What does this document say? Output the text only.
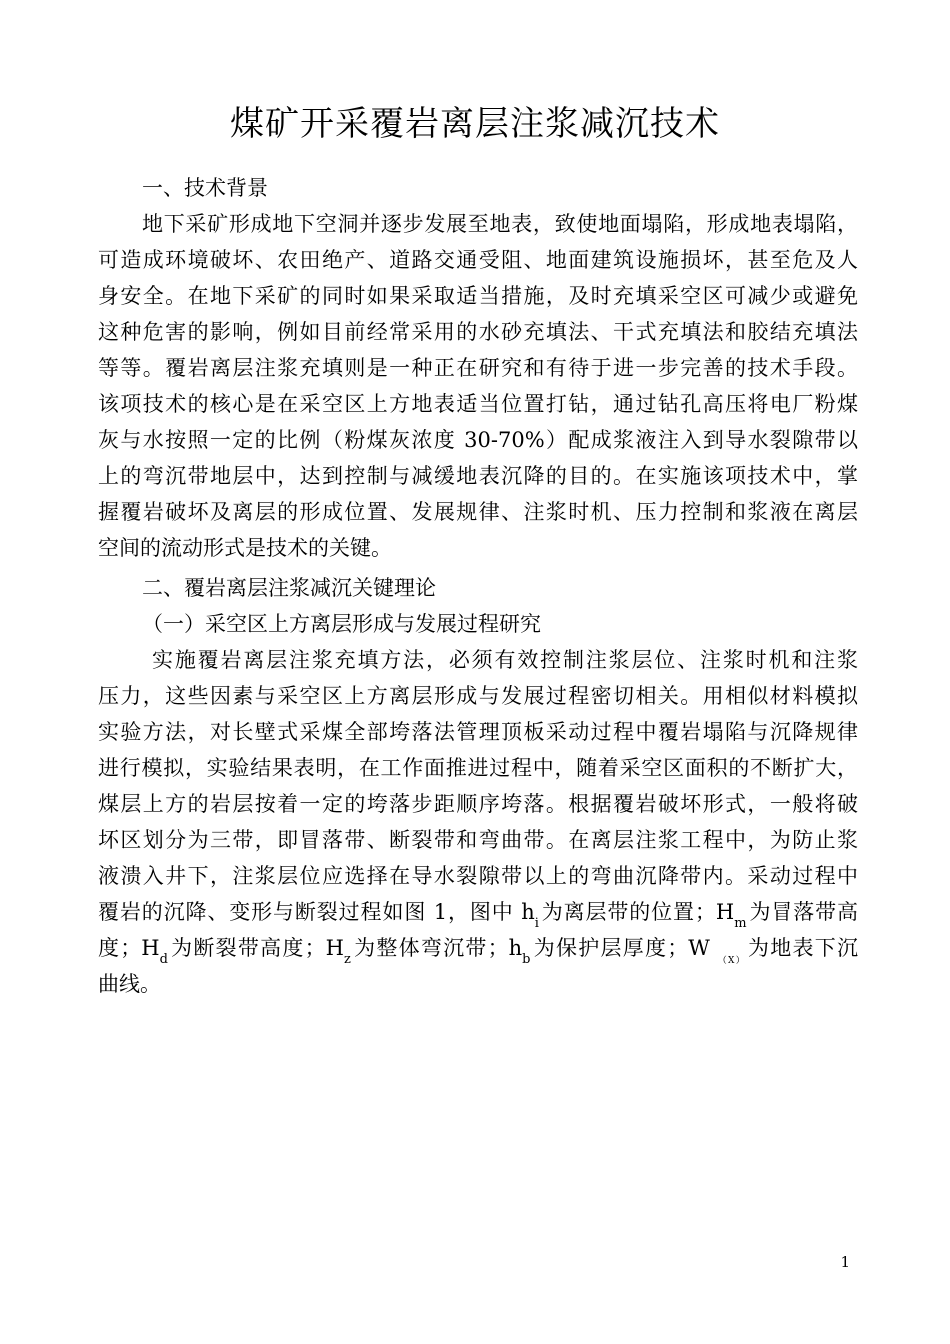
煤矿开采覆岩离层注浆减沉技术
一、技术背景
地下采矿形成地下空洞并逐步发展至地表，致使地面塌陷，形成地表塌陷，
可造成环境破坏、农田绝产、道路交通受阻、地面建筑设施损坏，甚至危及人
身安全。在地下采矿的同时如果采取适当措施，及时充填采空区可减少或避免
这种危害的影响，例如目前经常采用的水砂充填法、干式充填法和胶结充填法
等等。覆岩离层注浆充填则是一种正在研究和有待于进一步完善的技术手段。
该项技术的核心是在采空区上方地表适当位置打钻，通过钻孔高压将电厂粉煤
灰与水按照一定的比例（粉煤灰浓度 30-70%）配成浆液注入到导水裂隙带以
上的弯沉带地层中，达到控制与减缓地表沉降的目的。在实施该项技术中，掌
握覆岩破坏及离层的形成位置、发展规律、注浆时机、压力控制和浆液在离层
空间的流动形式是技术的关键。
二、覆岩离层注浆减沉关键理论
（一）采空区上方离层形成与发展过程研究
实施覆岩离层注浆充填方法，必须有效控制注浆层位、注浆时机和注浆
压力，这些因素与采空区上方离层形成与发展过程密切相关。用相似材料模拟
实验方法，对长壁式采煤全部垮落法管理顶板采动过程中覆岩塌陷与沉降规律
进行模拟，实验结果表明，在工作面推进过程中，随着采空区面积的不断扩大，
煤层上方的岩层按着一定的垮落步距顺序垮落。根据覆岩破坏形式，一般将破
坏区划分为三带，即冒落带、断裂带和弯曲带。在离层注浆工程中，为防止浆
液溃入井下，注浆层位应选择在导水裂隙带以上的弯曲沉降带内。采动过程中
覆岩的沉降、变形与断裂过程如图 1，图中 $h_i$为离层带的位置；$H_m$为冒落带高
度；$H_d$为断裂带高度；$H_z$为整体弯沉带；$h_b$为保护层厚度；W $_{(X)}$为地表下沉
曲线。
1
